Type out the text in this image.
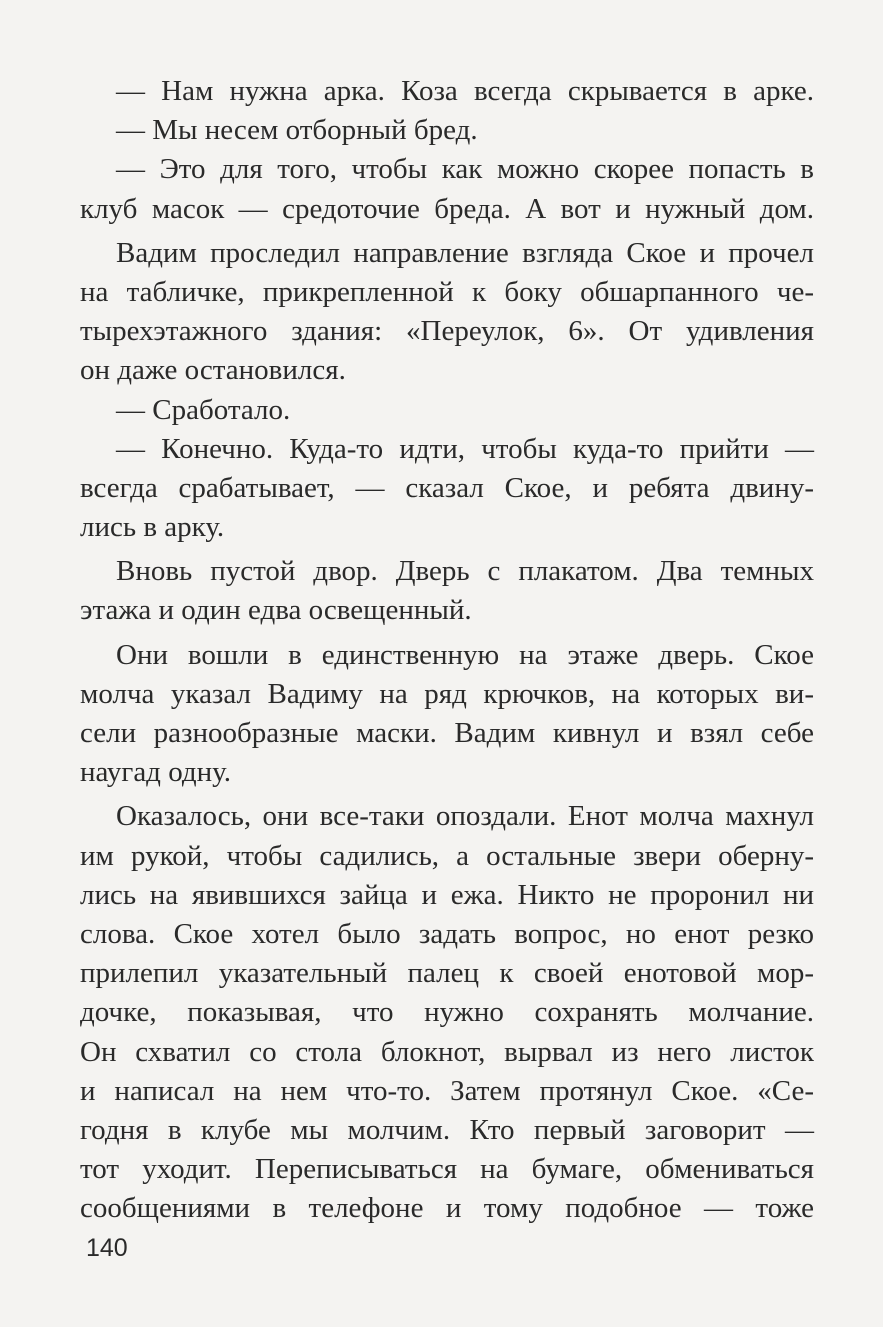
— Нам нужна арка. Коза всегда скрывается в арке.
— Мы несем отборный бред.
— Это для того, чтобы как можно скорее попасть в
клуб масок — средоточие бреда. А вот и нужный дом.
Вадим проследил направление взгляда Ское и прочел
на табличке, прикрепленной к боку обшарпанного че-
тырехэтажного здания: «Переулок, 6». От удивления
он даже остановился.
— Сработало.
— Конечно. Куда-то идти, чтобы куда-то прийти —
всегда срабатывает, — сказал Ское, и ребята двину-
лись в арку.
Вновь пустой двор. Дверь с плакатом. Два темных
этажа и один едва освещенный.
Они вошли в единственную на этаже дверь. Ское
молча указал Вадиму на ряд крючков, на которых ви-
сели разнообразные маски. Вадим кивнул и взял себе
наугад одну.
Оказалось, они все-таки опоздали. Енот молча махнул
им рукой, чтобы садились, а остальные звери оберну-
лись на явившихся зайца и ежа. Никто не проронил ни
слова. Ское хотел было задать вопрос, но енот резко
прилепил указательный палец к своей енотовой мор-
дочке, показывая, что нужно сохранять молчание.
Он схватил со стола блокнот, вырвал из него листок
и написал на нем что-то. Затем протянул Ское. «Се-
годня в клубе мы молчим. Кто первый заговорит —
тот уходит. Переписываться на бумаге, обмениваться
сообщениями в телефоне и тому подобное — тоже
140
